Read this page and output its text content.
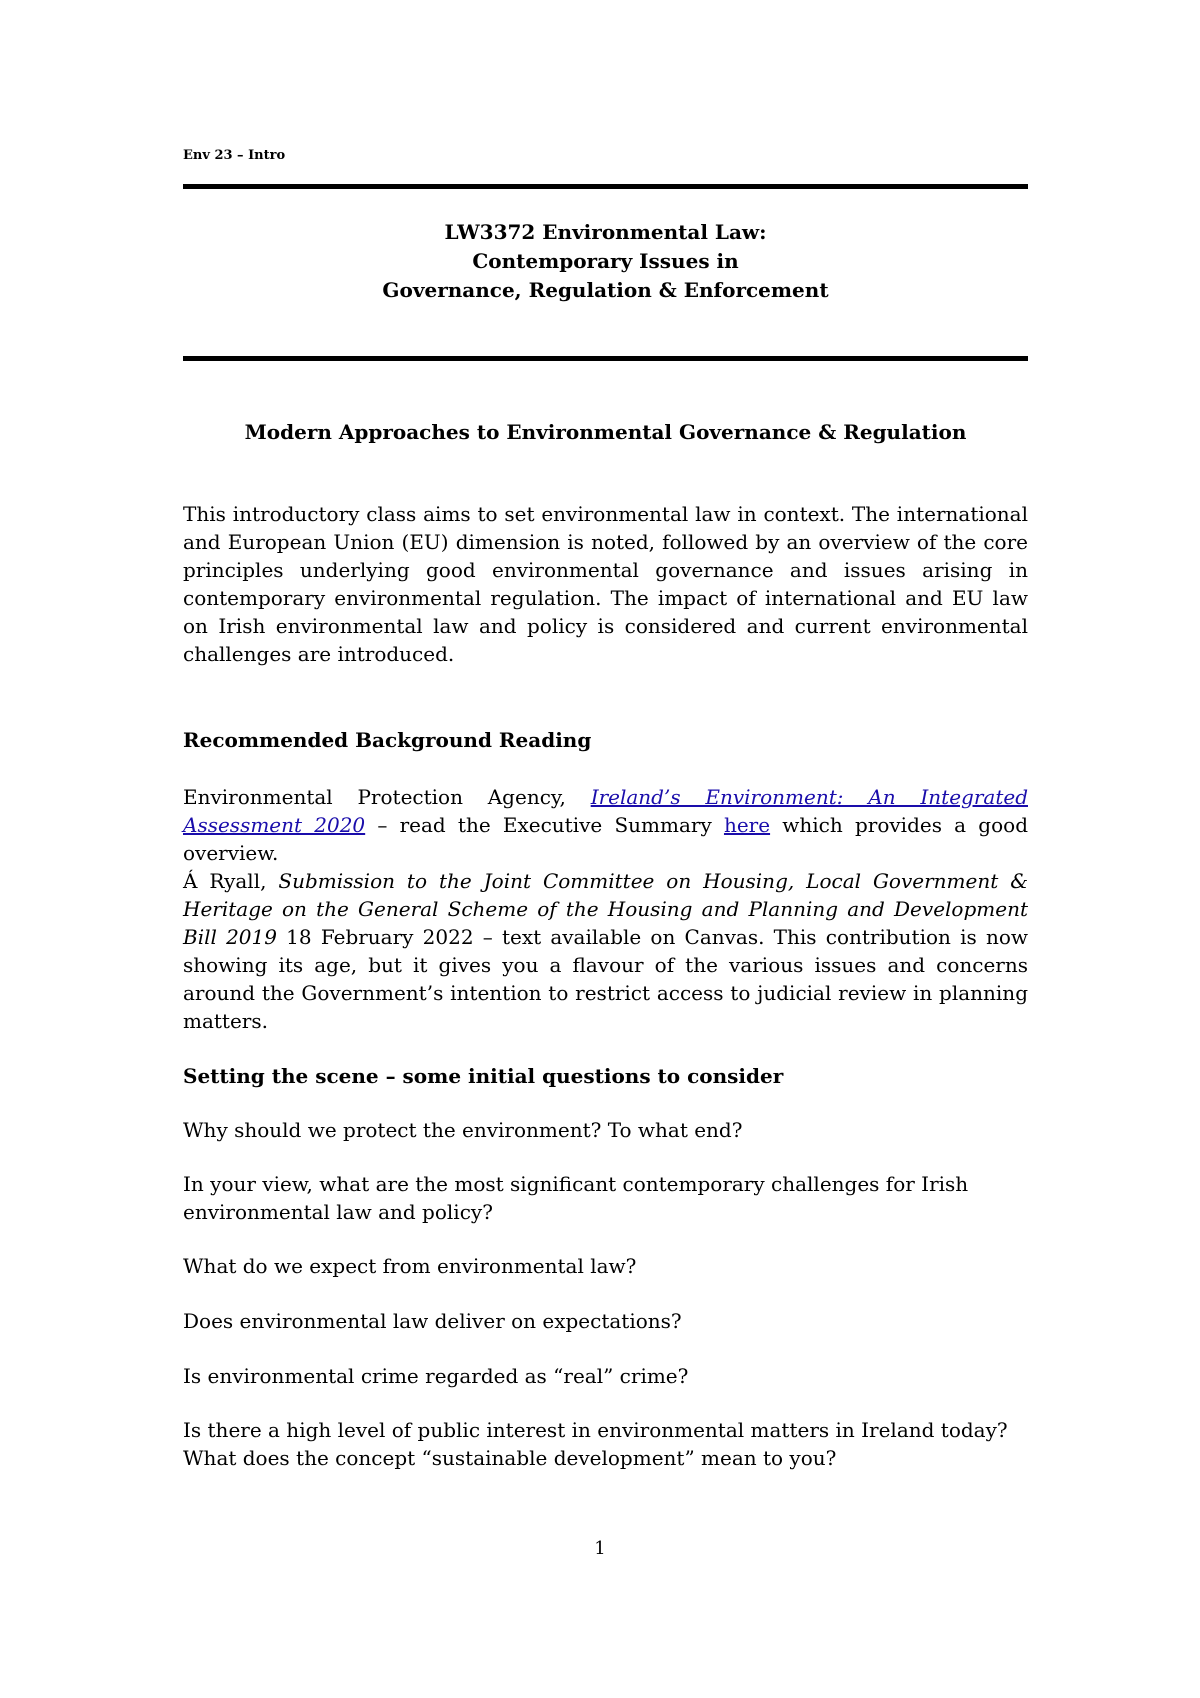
Env 23 – Intro
LW3372 Environmental Law:
Contemporary Issues in
Governance, Regulation & Enforcement
Modern Approaches to Environmental Governance & Regulation
This introductory class aims to set environmental law in context. The international and European Union (EU) dimension is noted, followed by an overview of the core principles underlying good environmental governance and issues arising in contemporary environmental regulation. The impact of international and EU law on Irish environmental law and policy is considered and current environmental challenges are introduced.
Recommended Background Reading
Environmental Protection Agency, Ireland’s Environment: An Integrated Assessment 2020 – read the Executive Summary here which provides a good overview.
Á Ryall, Submission to the Joint Committee on Housing, Local Government & Heritage on the General Scheme of the Housing and Planning and Development Bill 2019 18 February 2022 – text available on Canvas. This contribution is now showing its age, but it gives you a flavour of the various issues and concerns around the Government’s intention to restrict access to judicial review in planning matters.
Setting the scene – some initial questions to consider
Why should we protect the environment? To what end?
In your view, what are the most significant contemporary challenges for Irish environmental law and policy?
What do we expect from environmental law?
Does environmental law deliver on expectations?
Is environmental crime regarded as “real” crime?
Is there a high level of public interest in environmental matters in Ireland today?
What does the concept “sustainable development” mean to you?
1
